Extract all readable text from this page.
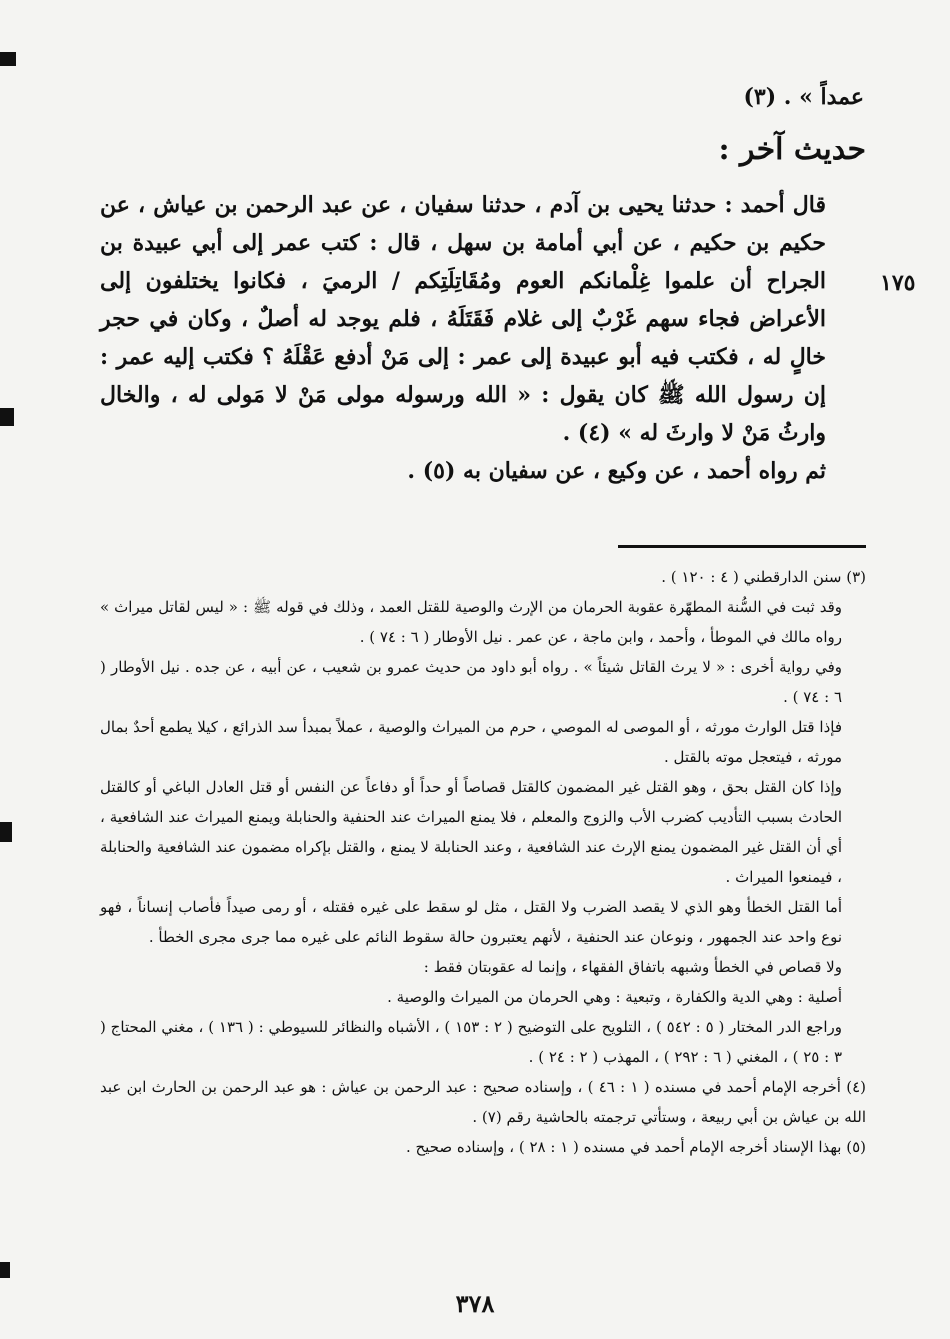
عمداً » . (٣)
حديث آخر :
١٧٥

قال أحمد : حدثنا يحيى بن آدم ، حدثنا سفيان ، عن عبد الرحمن بن عياش ، عن حكيم بن حكيم ، عن أبي أمامة بن سهل ، قال : كتب عمر إلى أبي عبيدة بن الجراح أن علموا غِلْمانكم العوم ومُقَاتِلَتِكم / الرميَ ، فكانوا يختلفون إلى الأعراض فجاء سهم غَرْبٌ إلى غلام فَقَتَلَهُ ، فلم يوجد له أصلٌ ، وكان في حجر خالٍ له ، فكتب فيه أبو عبيدة إلى عمر : إلى مَنْ أدفع عَقْلَهُ ؟ فكتب إليه عمر : إن رسول الله ﷺ كان يقول : « الله ورسوله مولى مَنْ لا مَولى له ، والخال وارثُ مَنْ لا وارثَ له » (٤) .

ثم رواه أحمد ، عن وكيع ، عن سفيان به (٥) .

(٣) سنن الدارقطني ( ٤ : ١٢٠ ) .

وقد ثبت في السُّنة المطهّرة عقوبة الحرمان من الإرث والوصية للقتل العمد ، وذلك في قوله ﷺ : « ليس لقاتل ميراث » رواه مالك في الموطأ ، وأحمد ، وابن ماجة ، عن عمر . نيل الأوطار ( ٦ : ٧٤ ) .

وفي رواية أخرى : « لا يرث القاتل شيئاً » . رواه أبو داود من حديث عمرو بن شعيب ، عن أبيه ، عن جده . نيل الأوطار ( ٦ : ٧٤ ) .

فإذا قتل الوارث مورثه ، أو الموصى له الموصي ، حرم من الميراث والوصية ، عملاً بمبدأ سد الذرائع ، كيلا يطمع أحدٌ بمال مورثه ، فيتعجل موته بالقتل .

وإذا كان القتل بحق ، وهو القتل غير المضمون كالقتل قصاصاً أو حداً أو دفاعاً عن النفس أو قتل العادل الباغي أو كالقتل الحادث بسبب التأديب كضرب الأب والزوج والمعلم ، فلا يمنع الميراث عند الحنفية والحنابلة ويمنع الميراث عند الشافعية ، أي أن القتل غير المضمون يمنع الإرث عند الشافعية ، وعند الحنابلة لا يمنع ، والقتل بإكراه مضمون عند الشافعية والحنابلة ، فيمنعوا الميراث .

أما القتل الخطأ وهو الذي لا يقصد الضرب ولا القتل ، مثل لو سقط على غيره فقتله ، أو رمى صيداً فأصاب إنساناً ، فهو نوع واحد عند الجمهور ، ونوعان عند الحنفية ، لأنهم يعتبرون حالة سقوط النائم على غيره مما جرى مجرى الخطأ .

ولا قصاص في الخطأ وشبهه باتفاق الفقهاء ، وإنما له عقوبتان فقط :

أصلية : وهي الدية والكفارة ، وتبعية : وهي الحرمان من الميراث والوصية .

وراجع الدر المختار ( ٥ : ٥٤٢ ) ، التلويح على التوضيح ( ٢ : ١٥٣ ) ، الأشباه والنظائر للسيوطي : ( ١٣٦ ) ، مغني المحتاج ( ٣ : ٢٥ ) ، المغني ( ٦ : ٢٩٢ ) ، المهذب ( ٢ : ٢٤ ) .

(٤) أخرجه الإمام أحمد في مسنده ( ١ : ٤٦ ) ، وإسناده صحيح : عبد الرحمن بن عياش : هو عبد الرحمن بن الحارث ابن عبد الله بن عياش بن أبي ربيعة ، وستأتي ترجمته بالحاشية رقم (٧) .

(٥) بهذا الإسناد أخرجه الإمام أحمد في مسنده ( ١ : ٢٨ ) ، وإسناده صحيح .

٣٧٨
